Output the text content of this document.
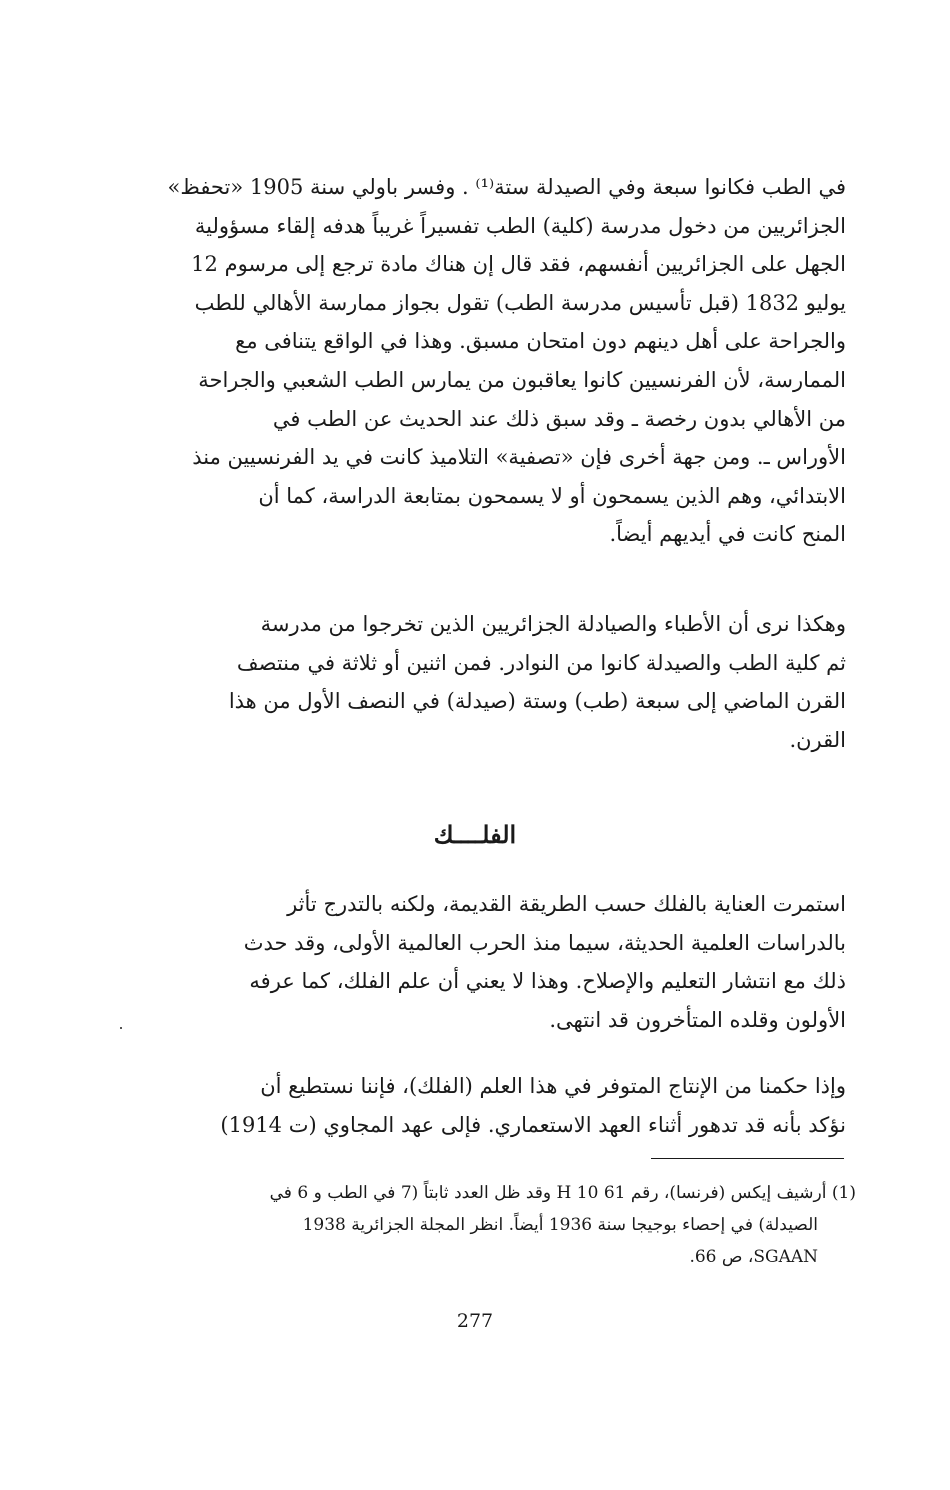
في الطب فكانوا سبعة وفي الصيدلة ستة⁽¹⁾ . وفسر باولي سنة 1905 «تحفظ»
الجزائريين من دخول مدرسة (كلية) الطب تفسيراً غريباً هدفه إلقاء مسؤولية
الجهل على الجزائريين أنفسهم، فقد قال إن هناك مادة ترجع إلى مرسوم 12
يوليو 1832 (قبل تأسيس مدرسة الطب) تقول بجواز ممارسة الأهالي للطب
والجراحة على أهل دينهم دون امتحان مسبق. وهذا في الواقع يتنافى مع
الممارسة، لأن الفرنسيين كانوا يعاقبون من يمارس الطب الشعبي والجراحة
من الأهالي بدون رخصة ـ وقد سبق ذلك عند الحديث عن الطب في
الأوراس ـ. ومن جهة أخرى فإن «تصفية» التلاميذ كانت في يد الفرنسيين منذ
الابتدائي، وهم الذين يسمحون أو لا يسمحون بمتابعة الدراسة، كما أن
المنح كانت في أيديهم أيضاً.
وهكذا نرى أن الأطباء والصيادلة الجزائريين الذين تخرجوا من مدرسة
ثم كلية الطب والصيدلة كانوا من النوادر. فمن اثنين أو ثلاثة في منتصف
القرن الماضي إلى سبعة (طب) وستة (صيدلة) في النصف الأول من هذا
القرن.
الفلــــك
استمرت العناية بالفلك حسب الطريقة القديمة، ولكنه بالتدرج تأثر
بالدراسات العلمية الحديثة، سيما منذ الحرب العالمية الأولى، وقد حدث
ذلك مع انتشار التعليم والإصلاح. وهذا لا يعني أن علم الفلك، كما عرفه
الأولون وقلده المتأخرون قد انتهى.
وإذا حكمنا من الإنتاج المتوفر في هذا العلم (الفلك)، فإننا نستطيع أن
نؤكد بأنه قد تدهور أثناء العهد الاستعماري. فإلى عهد المجاوي (ت 1914)
(1) أرشيف إيكس (فرنسا)، رقم 61 H 10 وقد ظل العدد ثابتاً (7 في الطب و 6 في
الصيدلة) في إحصاء بوجيجا سنة 1936 أيضاً. انظر المجلة الجزائرية 1938
SGAAN، ص 66.
277
